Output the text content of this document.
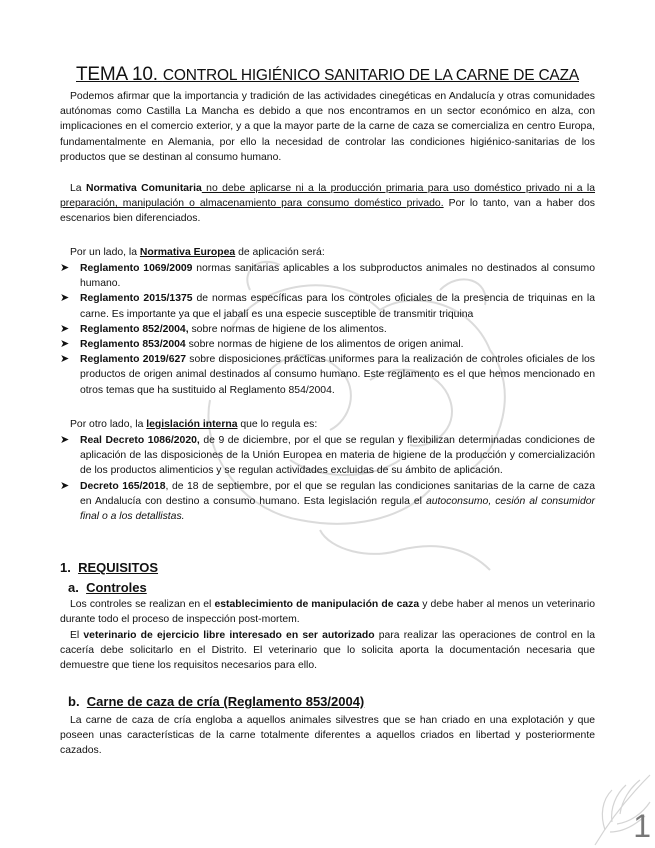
TEMA 10. CONTROL HIGIÉNICO SANITARIO DE LA CARNE DE CAZA

Podemos afirmar que la importancia y tradición de las actividades cinegéticas en Andalucía y otras comunidades autónomas como Castilla La Mancha es debido a que nos encontramos en un sector económico en alza, con implicaciones en el comercio exterior, y a que la mayor parte de la carne de caza se comercializa en centro Europa, fundamentalmente en Alemania, por ello la necesidad de controlar las condiciones higiénico-sanitarias de los productos que se destinan al consumo humano.

La Normativa Comunitaria no debe aplicarse ni a la producción primaria para uso doméstico privado ni a la preparación, manipulación o almacenamiento para consumo doméstico privado. Por lo tanto, van a haber dos escenarios bien diferenciados.

Por un lado, la Normativa Europea de aplicación será:

➤ Reglamento 1069/2009 normas sanitarias aplicables a los subproductos animales no destinados al consumo humano.
➤ Reglamento 2015/1375 de normas específicas para los controles oficiales de la presencia de triquinas en la carne. Es importante ya que el jabalí es una especie susceptible de transmitir triquina
➤ Reglamento 852/2004, sobre normas de higiene de los alimentos.
➤ Reglamento 853/2004 sobre normas de higiene de los alimentos de origen animal.
➤ Reglamento 2019/627 sobre disposiciones prácticas uniformes para la realización de controles oficiales de los productos de origen animal destinados al consumo humano. Este reglamento es el que hemos mencionado en otros temas que ha sustituido al Reglamento 854/2004.

Por otro lado, la legislación interna que lo regula es:

➤ Real Decreto 1086/2020, de 9 de diciembre, por el que se regulan y flexibilizan determinadas condiciones de aplicación de las disposiciones de la Unión Europea en materia de higiene de la producción y comercialización de los productos alimenticios y se regulan actividades excluidas de su ámbito de aplicación.
➤ Decreto 165/2018, de 18 de septiembre, por el que se regulan las condiciones sanitarias de la carne de caza en Andalucía con destino a consumo humano. Esta legislación regula el autoconsumo, cesión al consumidor final o a los detallistas.
1. REQUISITOS
a. Controles

Los controles se realizan en el establecimiento de manipulación de caza y debe haber al menos un veterinario durante todo el proceso de inspección post-mortem.

El veterinario de ejercicio libre interesado en ser autorizado para realizar las operaciones de control en la cacería debe solicitarlo en el Distrito. El veterinario que lo solicita aporta la documentación necesaria que demuestre que tiene los requisitos necesarios para ello.

b. Carne de caza de cría (Reglamento 853/2004)

La carne de caza de cría engloba a aquellos animales silvestres que se han criado en una explotación y que poseen unas características de la carne totalmente diferentes a aquellos criados en libertad y posteriormente cazados.

1
